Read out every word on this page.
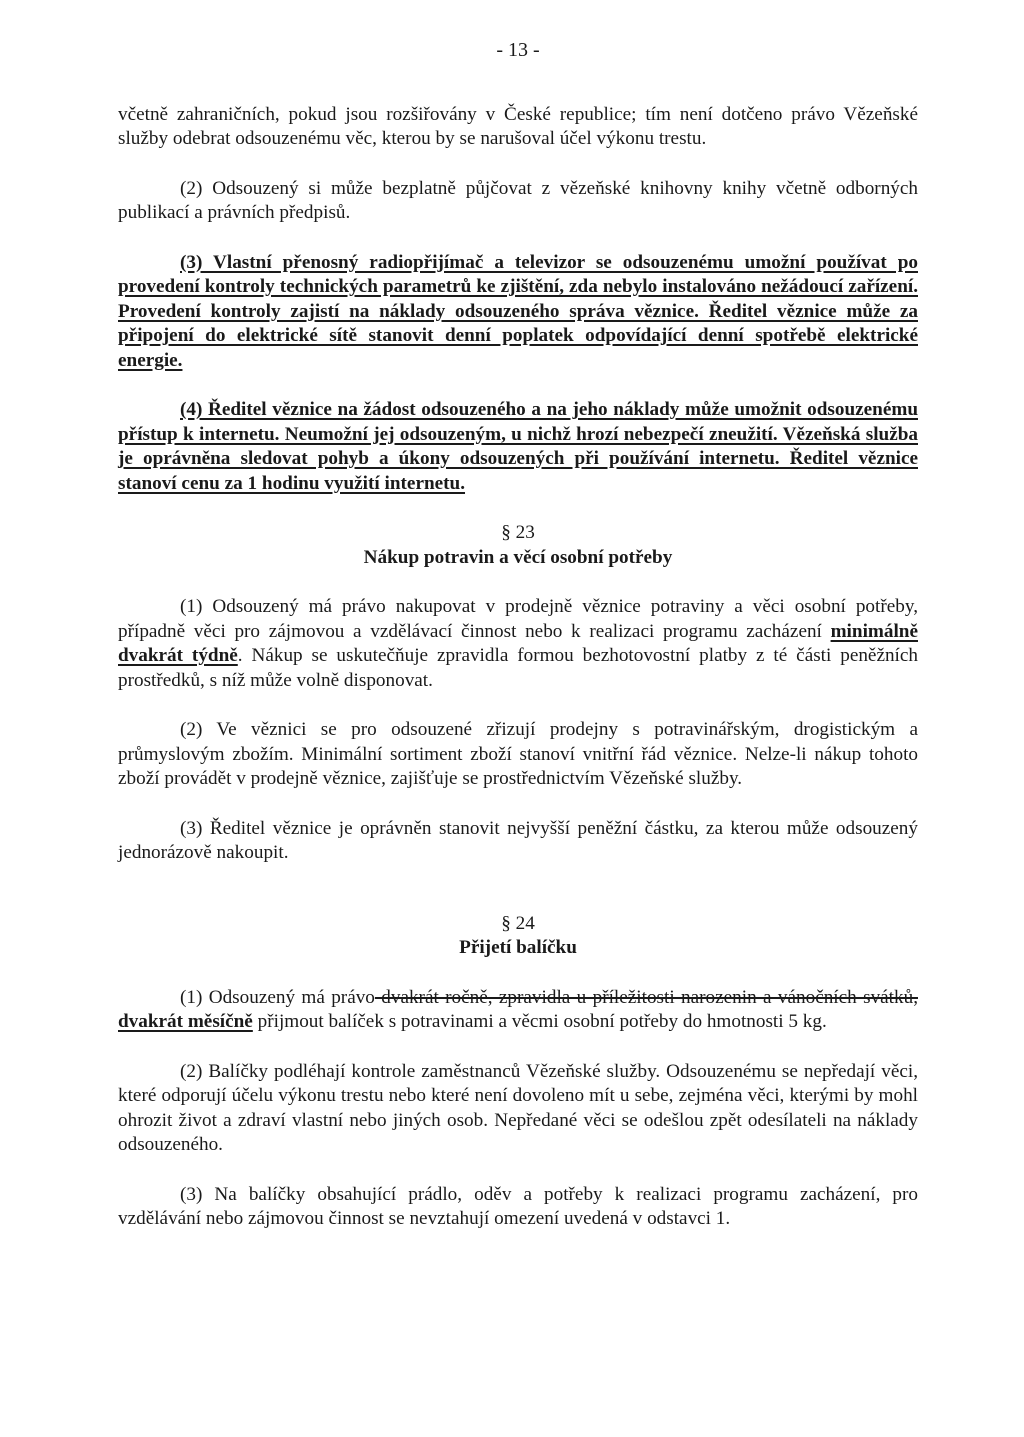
- 13 -

včetně zahraničních, pokud jsou rozšiřovány v České republice; tím není dotčeno právo Vězeňské služby odebrat odsouzenému věc, kterou by se narušoval účel výkonu trestu.

(2) Odsouzený si může bezplatně půjčovat z vězeňské knihovny knihy včetně odborných publikací a právních předpisů.

(3) Vlastní přenosný radiopřijímač a televizor se odsouzenému umožní používat po provedení kontroly technických parametrů ke zjištění, zda nebylo instalováno nežádoucí zařízení. Provedení kontroly zajistí na náklady odsouzeného správa věznice. Ředitel věznice může za připojení do elektrické sítě stanovit denní poplatek odpovídající denní spotřebě elektrické energie.

(4) Ředitel věznice na žádost odsouzeného a na jeho náklady může umožnit odsouzenému přístup k internetu. Neumožní jej odsouzeným, u nichž hrozí nebezpečí zneužití. Vězeňská služba je oprávněna sledovat pohyb a úkony odsouzených při používání internetu. Ředitel věznice stanoví cenu za 1 hodinu využití internetu.

§ 23
Nákup potravin a věcí osobní potřeby

(1) Odsouzený má právo nakupovat v prodejně věznice potraviny a věci osobní potřeby, případně věci pro zájmovou a vzdělávací činnost nebo k realizaci programu zacházení minimálně dvakrát týdně. Nákup se uskutečňuje zpravidla formou bezhotovostní platby z té části peněžních prostředků, s níž může volně disponovat.

(2) Ve věznici se pro odsouzené zřizují prodejny s potravinářským, drogistickým a průmyslovým zbožím. Minimální sortiment zboží stanoví vnitřní řád věznice. Nelze-li nákup tohoto zboží provádět v prodejně věznice, zajišťuje se prostřednictvím Vězeňské služby.

(3) Ředitel věznice je oprávněn stanovit nejvyšší peněžní částku, za kterou může odsouzený jednorázově nakoupit.

§ 24
Přijetí balíčku

(1) Odsouzený má právo dvakrát ročně, zpravidla u příležitosti narozenin a vánočních svátků, dvakrát měsíčně přijmout balíček s potravinami a věcmi osobní potřeby do hmotnosti 5 kg.

(2) Balíčky podléhají kontrole zaměstnanců Vězeňské služby. Odsouzenému se nepředají věci, které odporují účelu výkonu trestu nebo které není dovoleno mít u sebe, zejména věci, kterými by mohl ohrozit život a zdraví vlastní nebo jiných osob. Nepředané věci se odešlou zpět odesílateli na náklady odsouzeného.

(3) Na balíčky obsahující prádlo, oděv a potřeby k realizaci programu zacházení, pro vzdělávání nebo zájmovou činnost se nevztahují omezení uvedená v odstavci 1.
